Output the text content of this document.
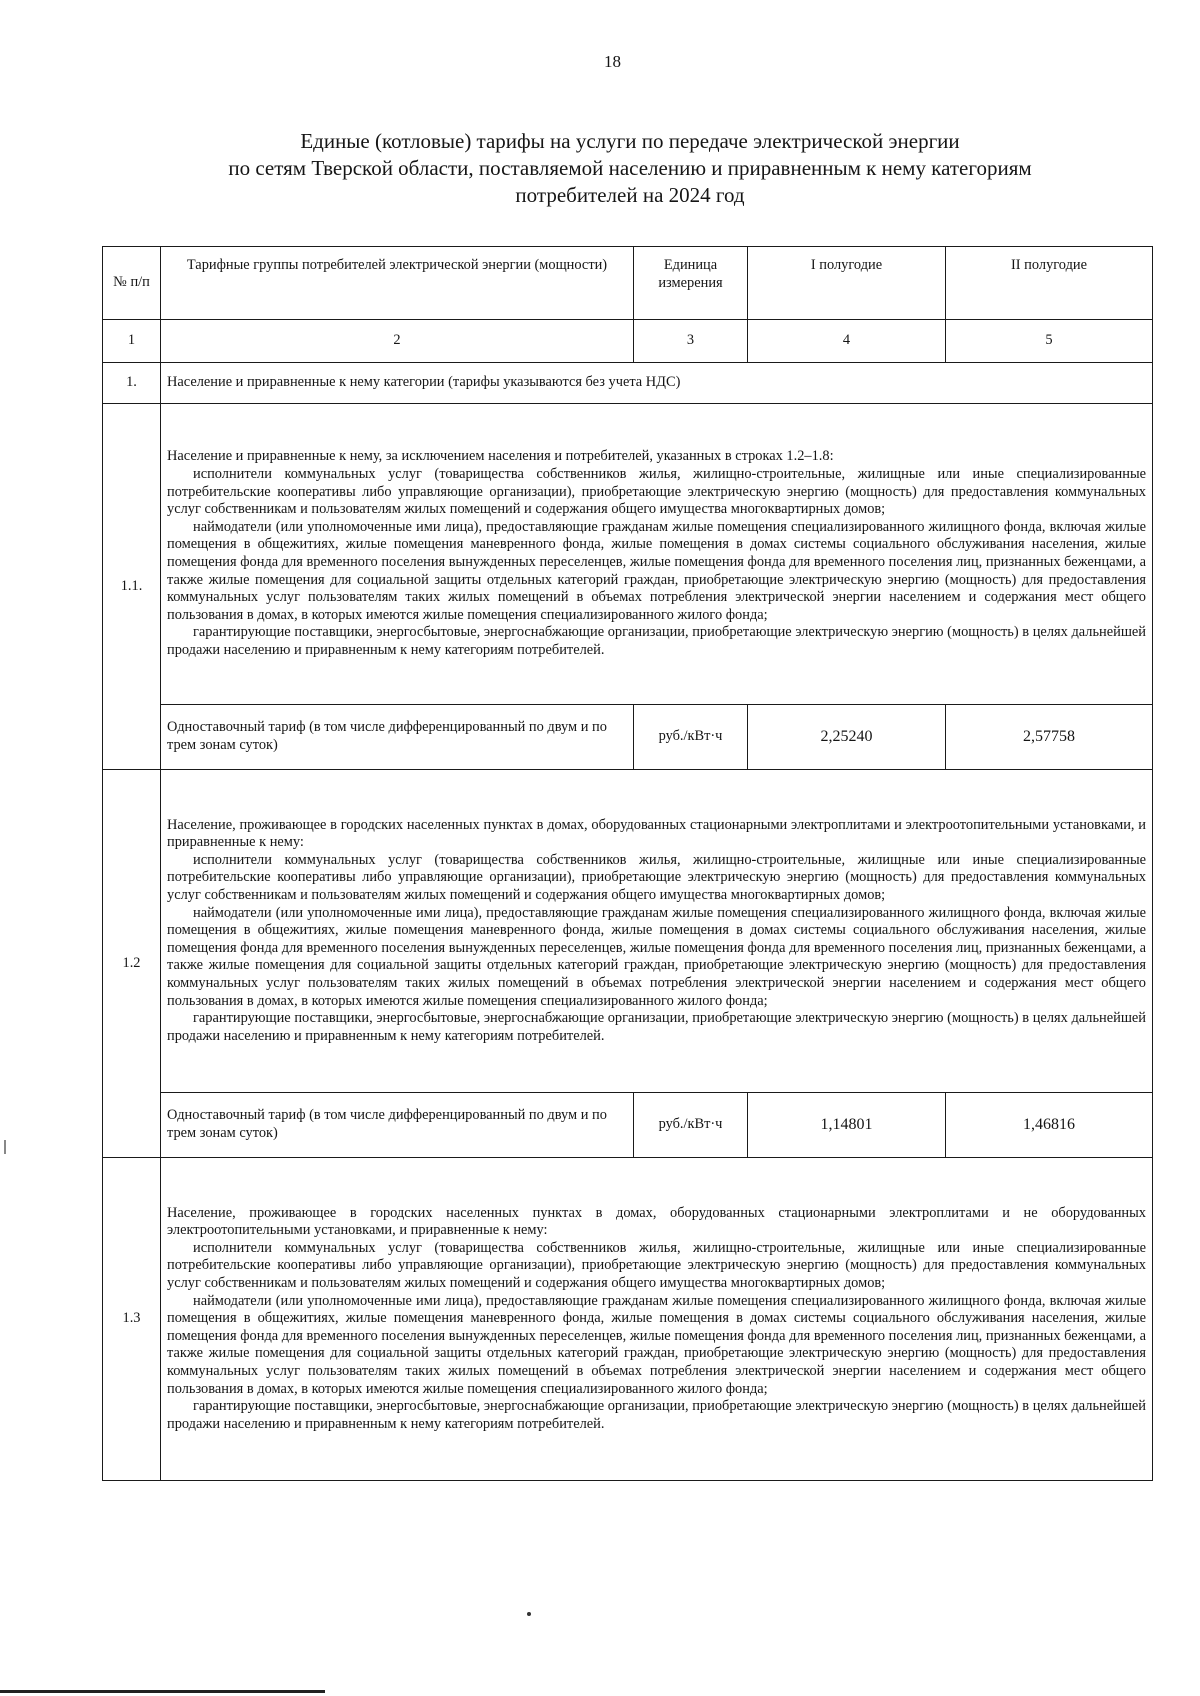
18
Единые (котловые) тарифы на услуги по передаче электрической энергии
по сетям Тверской области, поставляемой населению и приравненным к нему категориям
потребителей на 2024 год
№ п/п	Тарифные группы потребителей электрической энергии (мощности)	Единица измерения	I полугодие	II полугодие
1	2	3	4	5
1.	Население и приравненные к нему категории (тарифы указываются без учета НДС)			
1.1.	Население и приравненные к нему, за исключением населения и потребителей, указанных в строках 1.2–1.8:

исполнители коммунальных услуг (товарищества собственников жилья, жилищно-строительные, жилищные или иные специализированные потребительские кооперативы либо управляющие организации), приобретающие электрическую энергию (мощность) для предоставления коммунальных услуг собственникам и пользователям жилых помещений и содержания общего имущества многоквартирных домов;

наймодатели (или уполномоченные ими лица), предоставляющие гражданам жилые помещения специализированного жилищного фонда, включая жилые помещения в общежитиях, жилые помещения маневренного фонда, жилые помещения в домах системы социального обслуживания населения, жилые помещения фонда для временного поселения вынужденных переселенцев, жилые помещения фонда для временного поселения лиц, признанных беженцами, а также жилые помещения для социальной защиты отдельных категорий граждан, приобретающие электрическую энергию (мощность) для предоставления коммунальных услуг пользователям таких жилых помещений в объемах потребления электрической энергии населением и содержания мест общего пользования в домах, в которых имеются жилые помещения специализированного жилого фонда;

гарантирующие поставщики, энергосбытовые, энергоснабжающие организации, приобретающие электрическую энергию (мощность) в целях дальнейшей продажи населению и приравненным к нему категориям потребителей.			

	Одноставочный тариф (в том числе дифференцированный по двум и по трем зонам суток)	руб./кВт·ч	2,25240	2,57758
1.2	Население, проживающее в городских населенных пунктах в домах, оборудованных стационарными электроплитами и электроотопительными установками, и приравненные к нему:

исполнители коммунальных услуг (товарищества собственников жилья, жилищно-строительные, жилищные или иные специализированные потребительские кооперативы либо управляющие организации), приобретающие электрическую энергию (мощность) для предоставления коммунальных услуг собственникам и пользователям жилых помещений и содержания общего имущества многоквартирных домов;

наймодатели (или уполномоченные ими лица), предоставляющие гражданам жилые помещения специализированного жилищного фонда, включая жилые помещения в общежитиях, жилые помещения маневренного фонда, жилые помещения в домах системы социального обслуживания населения, жилые помещения фонда для временного поселения вынужденных переселенцев, жилые помещения фонда для временного поселения лиц, признанных беженцами, а также жилые помещения для социальной защиты отдельных категорий граждан, приобретающие электрическую энергию (мощность) для предоставления коммунальных услуг пользователям таких жилых помещений в объемах потребления электрической энергии населением и содержания мест общего пользования в домах, в которых имеются жилые помещения специализированного жилого фонда;

гарантирующие поставщики, энергосбытовые, энергоснабжающие организации, приобретающие электрическую энергию (мощность) в целях дальнейшей продажи населению и приравненным к нему категориям потребителей.			

	Одноставочный тариф (в том числе дифференцированный по двум и по трем зонам суток)	руб./кВт·ч	1,14801	1,46816
1.3	Население, проживающее в городских населенных пунктах в домах, оборудованных стационарными электроплитами и не оборудованных электроотопительными установками, и приравненные к нему:

исполнители коммунальных услуг (товарищества собственников жилья, жилищно-строительные, жилищные или иные специализированные потребительские кооперативы либо управляющие организации), приобретающие электрическую энергию (мощность) для предоставления коммунальных услуг собственникам и пользователям жилых помещений и содержания общего имущества многоквартирных домов;

наймодатели (или уполномоченные ими лица), предоставляющие гражданам жилые помещения специализированного жилищного фонда, включая жилые помещения в общежитиях, жилые помещения маневренного фонда, жилые помещения в домах системы социального обслуживания населения, жилые помещения фонда для временного поселения вынужденных переселенцев, жилые помещения фонда для временного поселения лиц, признанных беженцами, а также жилые помещения для социальной защиты отдельных категорий граждан, приобретающие электрическую энергию (мощность) для предоставления коммунальных услуг пользователям таких жилых помещений в объемах потребления электрической энергии населением и содержания мест общего пользования в домах, в которых имеются жилые помещения специализированного жилого фонда;

гарантирующие поставщики, энергосбытовые, энергоснабжающие организации, приобретающие электрическую энергию (мощность) в целях дальнейшей продажи населению и приравненным к нему категориям потребителей.			
